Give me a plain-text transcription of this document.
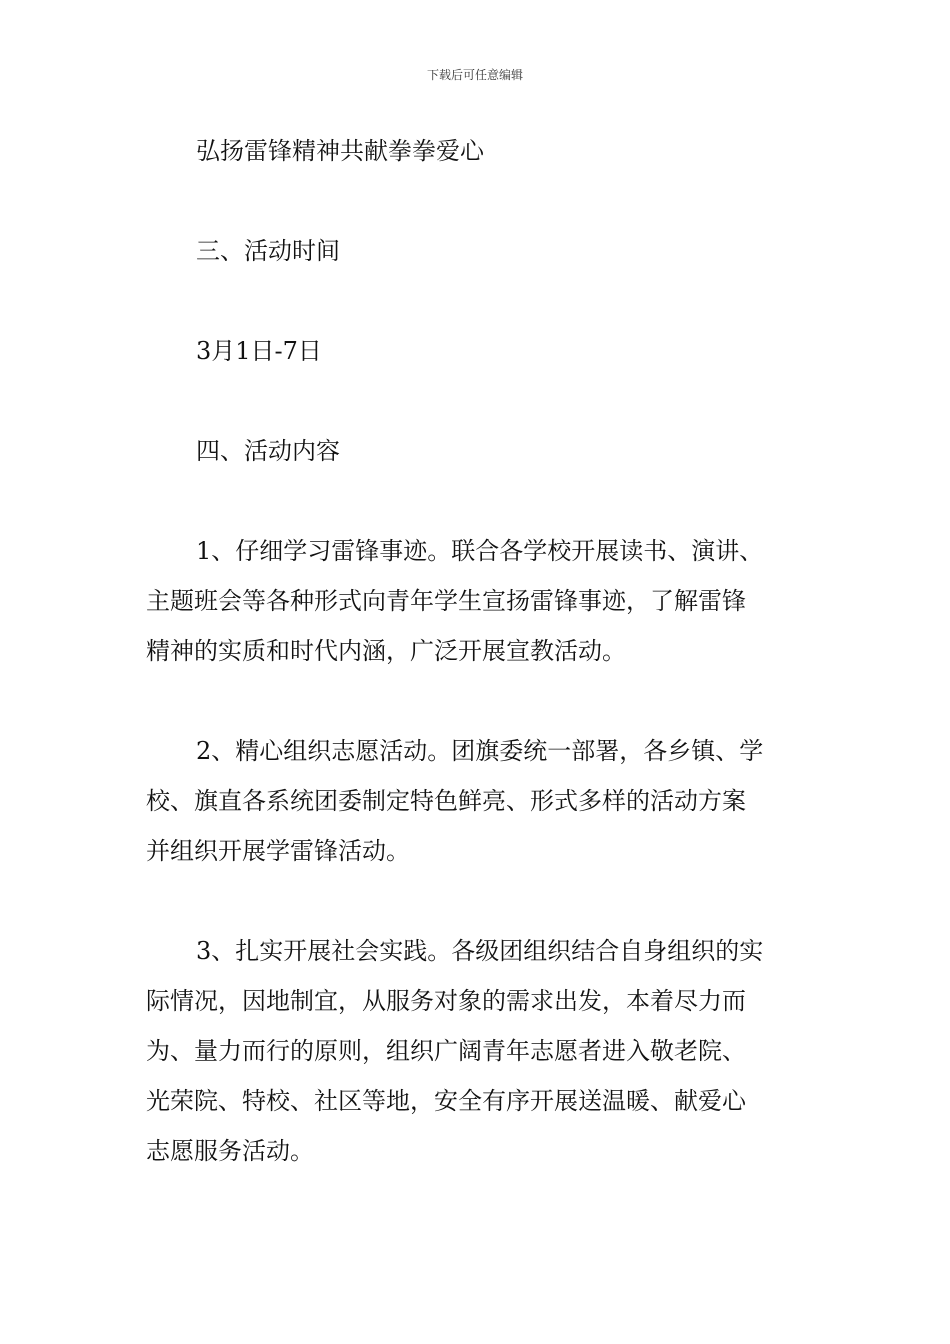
下载后可任意编辑
弘扬雷锋精神共献拳拳爱心
三、活动时间
3月1日-7日
四、活动内容
1、仔细学习雷锋事迹。联合各学校开展读书、演讲、
主题班会等各种形式向青年学生宣扬雷锋事迹，了解雷锋
精神的实质和时代内涵，广泛开展宣教活动。
2、精心组织志愿活动。团旗委统一部署，各乡镇、学
校、旗直各系统团委制定特色鲜亮、形式多样的活动方案
并组织开展学雷锋活动。
3、扎实开展社会实践。各级团组织结合自身组织的实
际情况，因地制宜，从服务对象的需求出发，本着尽力而
为、量力而行的原则，组织广阔青年志愿者进入敬老院、
光荣院、特校、社区等地，安全有序开展送温暖、献爱心
志愿服务活动。
